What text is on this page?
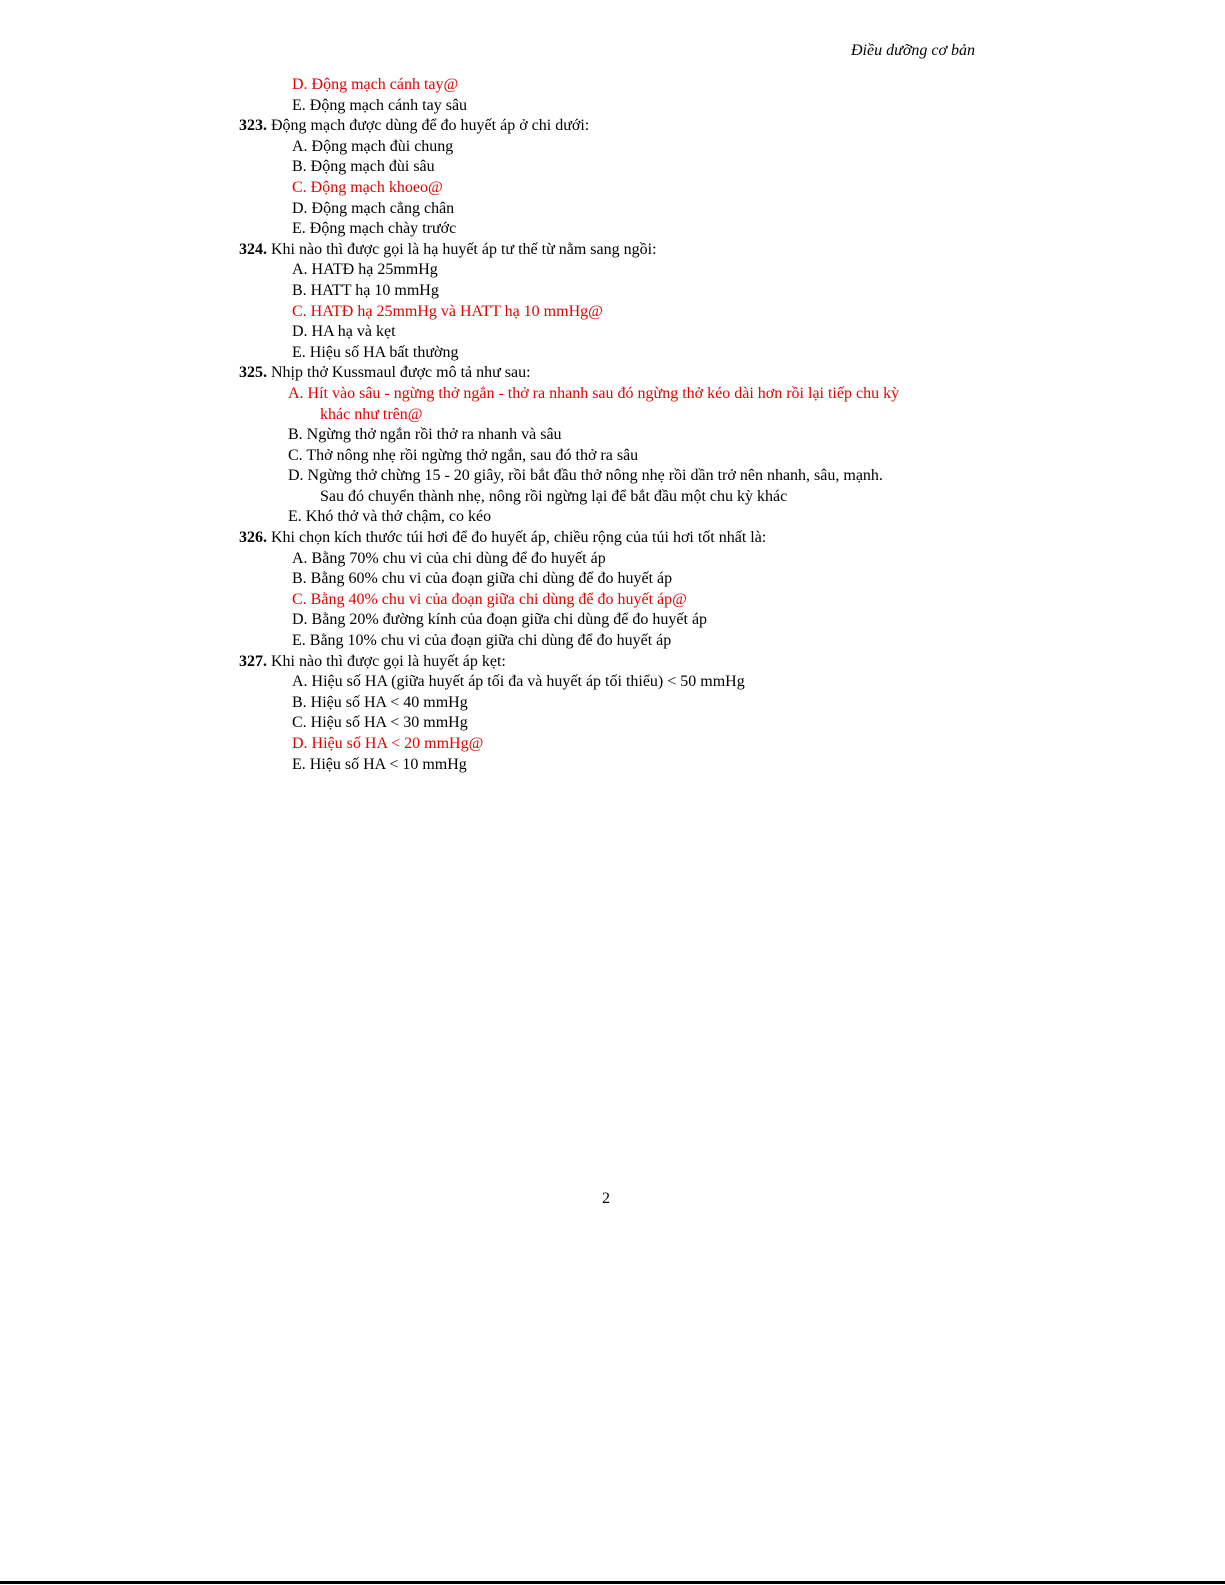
Điều dưỡng cơ bản
D. Động mạch cánh tay@
E. Động mạch cánh tay sâu
323. Động mạch được dùng để đo huyết áp ở chi dưới:
A. Động mạch đùi chung
B. Động mạch đùi sâu
C. Động mạch khoeo@
D. Động mạch cẳng chân
E. Động mạch chày trước
324. Khi nào thì được gọi là hạ huyết áp tư thế từ nằm sang ngồi:
A. HATĐ hạ 25mmHg
B. HATT hạ 10 mmHg
C. HATĐ hạ 25mmHg và HATT hạ 10 mmHg@
D. HA hạ và kẹt
E. Hiệu số HA bất thường
325. Nhịp thở Kussmaul được mô tả như sau:
A. Hít vào sâu - ngừng thở ngắn - thở ra nhanh sau đó ngừng thở kéo dài hơn rồi lại tiếp chu kỳ
khác như trên@
B. Ngừng thở ngắn rồi thở ra nhanh và sâu
C. Thở nông nhẹ rồi ngừng thở ngắn, sau đó thở ra sâu
D. Ngừng thở chừng 15 - 20 giây, rồi bắt đầu thở nông nhẹ rồi dần trở nên nhanh, sâu, mạnh.
Sau đó chuyển thành nhẹ, nông rồi ngừng lại để bắt đầu một chu kỳ khác
E. Khó thở và thở chậm, co kéo
326. Khi chọn kích thước túi hơi để đo huyết áp, chiều rộng của túi hơi tốt nhất là:
A. Bằng 70% chu vi của chi dùng để đo huyết áp
B. Bằng 60% chu vi của đoạn giữa chi dùng để đo huyết áp
C. Bằng 40% chu vi của đoạn giữa chi dùng để đo huyết áp@
D. Bằng 20% đường kính của đoạn giữa chi dùng để đo huyết áp
E. Bằng 10% chu vi của đoạn giữa chi dùng để đo huyết áp
327. Khi nào thì được gọi là huyết áp kẹt:
A. Hiệu số HA (giữa huyết áp tối đa và huyết áp tối thiểu) < 50 mmHg
B. Hiệu số HA < 40 mmHg
C. Hiệu số HA < 30 mmHg
D. Hiệu số HA < 20 mmHg@
E. Hiệu số HA < 10 mmHg
2
